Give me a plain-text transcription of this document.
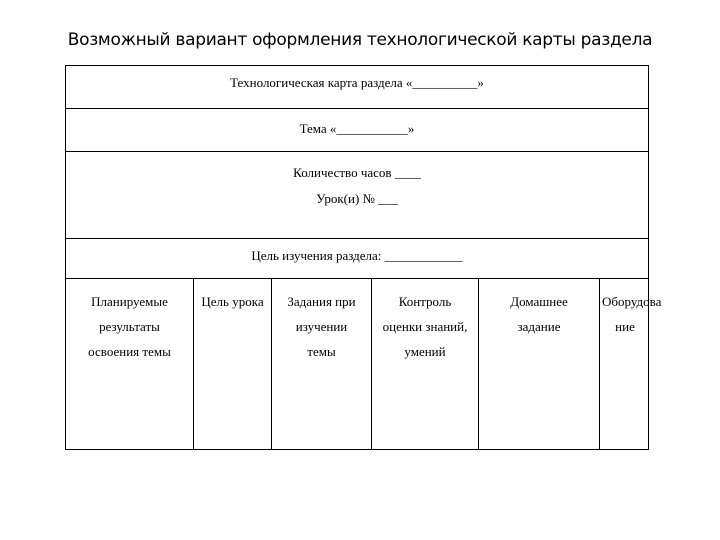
Возможный вариант оформления технологической карты раздела
Технологическая карта раздела «__________»
Тема «___________»
Количество часов ____
Урок(и) № ___
Цель изучения раздела: ____________
Планируемые
результаты
освоения темы
Цель урока	Задания при
изучении
темы
Контроль
оценки знаний,
умений
Домашнее
задание
Оборудова
ние
